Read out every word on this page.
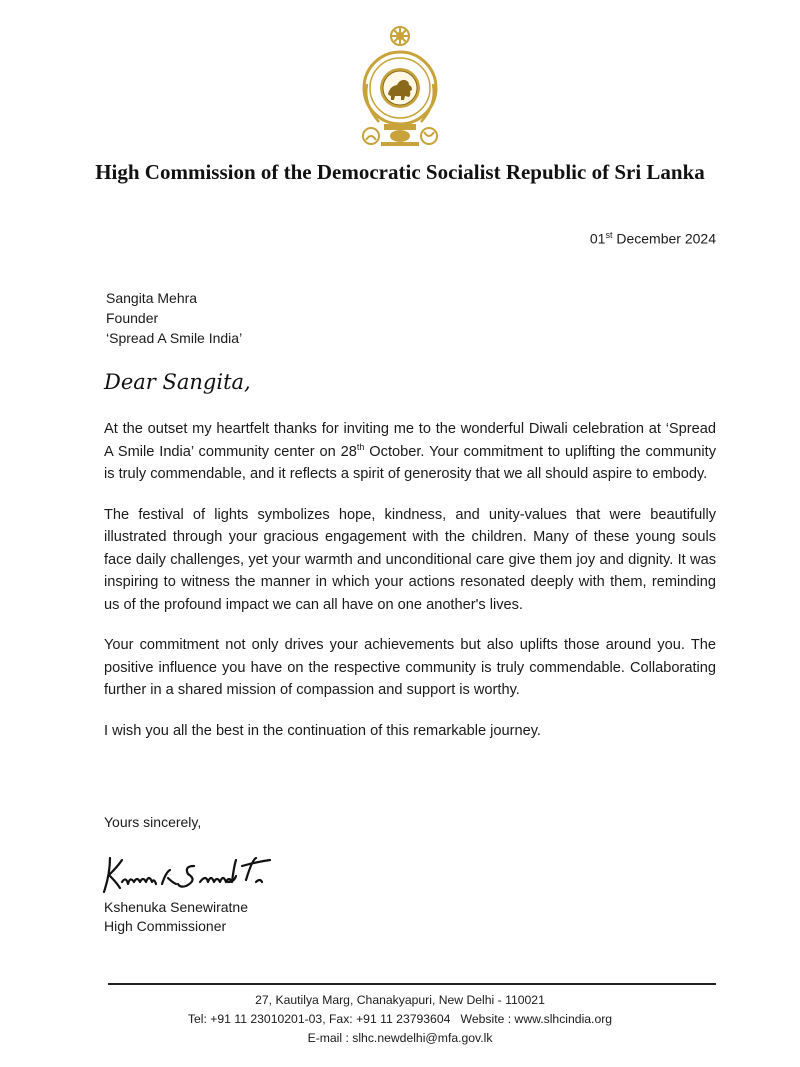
High Commission of the Democratic Socialist Republic of Sri Lanka
01st December 2024
Sangita Mehra
Founder
‘Spread A Smile India’
Dear Sangita,

At the outset my heartfelt thanks for inviting me to the wonderful Diwali celebration at ‘Spread A Smile India’ community center on 28th October. Your commitment to uplifting the community is truly commendable, and it reflects a spirit of generosity that we all should aspire to embody.

The festival of lights symbolizes hope, kindness, and unity-values that were beautifully illustrated through your gracious engagement with the children. Many of these young souls face daily challenges, yet your warmth and unconditional care give them joy and dignity. It was inspiring to witness the manner in which your actions resonated deeply with them, reminding us of the profound impact we can all have on one another's lives.

Your commitment not only drives your achievements but also uplifts those around you. The positive influence you have on the respective community is truly commendable. Collaborating further in a shared mission of compassion and support is worthy.

I wish you all the best in the continuation of this remarkable journey.

Yours sincerely,
Kshenuka Senewiratne
High Commissioner
27, Kautilya Marg, Chanakyapuri, New Delhi - 110021
Tel: +91 11 23010201-03, Fax: +91 11 23793604   Website : www.slhcindia.org
E-mail : slhc.newdelhi@mfa.gov.lk
